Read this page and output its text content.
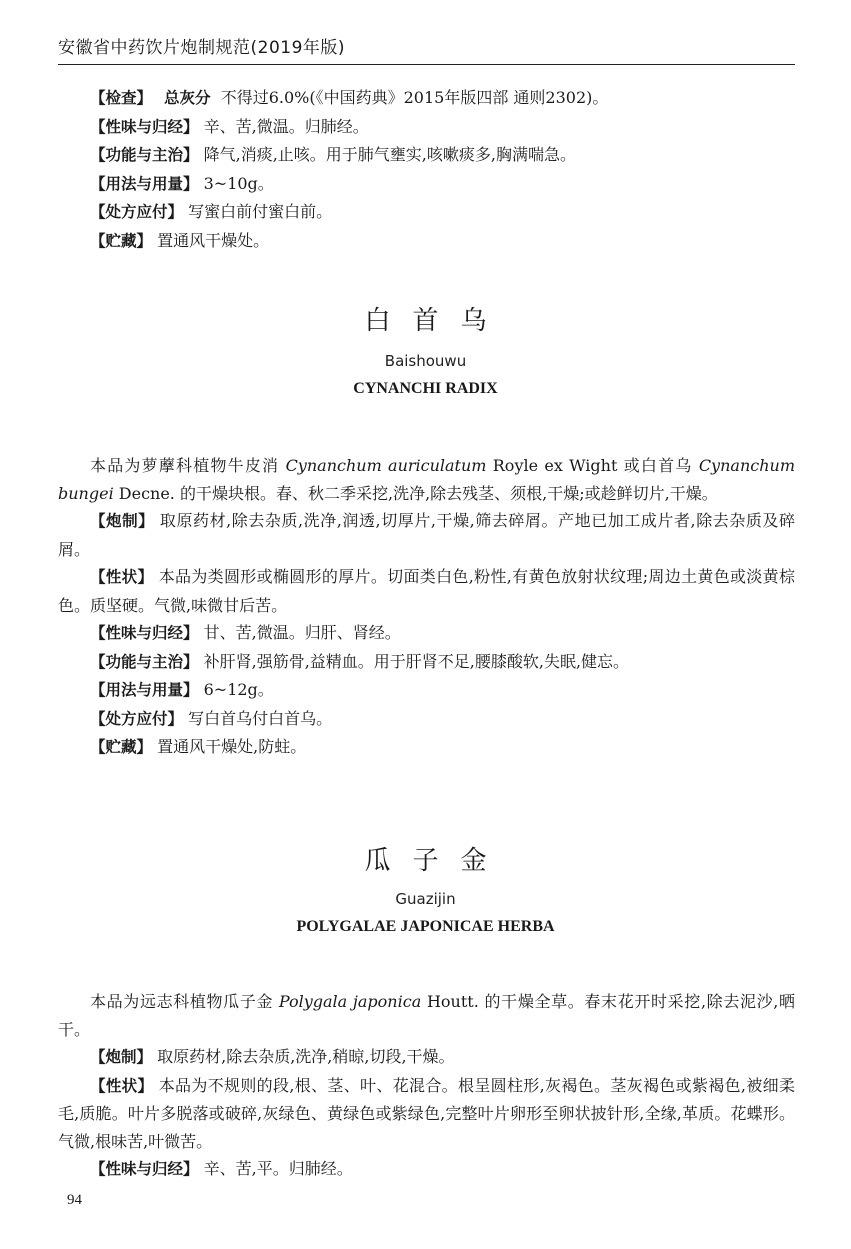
安徽省中药饮片炮制规范(2019年版)

【检查】 总灰分 不得过6.0%(《中国药典》2015年版四部 通则2302)。

【性味与归经】 辛、苦,微温。归肺经。

【功能与主治】 降气,消痰,止咳。用于肺气壅实,咳嗽痰多,胸满喘急。

【用法与用量】 3~10g。

【处方应付】 写蜜白前付蜜白前。

【贮藏】 置通风干燥处。

白首乌
Baishouwu
CYNANCHI RADIX

本品为萝藦科植物牛皮消 Cynanchum auriculatum Royle ex Wight 或白首乌 Cynanchum bungei Decne. 的干燥块根。春、秋二季采挖,洗净,除去残茎、须根,干燥;或趁鲜切片,干燥。

【炮制】 取原药材,除去杂质,洗净,润透,切厚片,干燥,筛去碎屑。产地已加工成片者,除去杂质及碎屑。

【性状】 本品为类圆形或椭圆形的厚片。切面类白色,粉性,有黄色放射状纹理;周边土黄色或淡黄棕色。质坚硬。气微,味微甘后苦。

【性味与归经】 甘、苦,微温。归肝、肾经。

【功能与主治】 补肝肾,强筋骨,益精血。用于肝肾不足,腰膝酸软,失眠,健忘。

【用法与用量】 6~12g。

【处方应付】 写白首乌付白首乌。

【贮藏】 置通风干燥处,防蛀。

瓜子金
Guazijin
POLYGALAE JAPONICAE HERBA

本品为远志科植物瓜子金 Polygala japonica Houtt. 的干燥全草。春末花开时采挖,除去泥沙,晒干。

【炮制】 取原药材,除去杂质,洗净,稍晾,切段,干燥。

【性状】 本品为不规则的段,根、茎、叶、花混合。根呈圆柱形,灰褐色。茎灰褐色或紫褐色,被细柔毛,质脆。叶片多脱落或破碎,灰绿色、黄绿色或紫绿色,完整叶片卵形至卵状披针形,全缘,革质。花蝶形。气微,根味苦,叶微苦。

【性味与归经】 辛、苦,平。归肺经。

94
